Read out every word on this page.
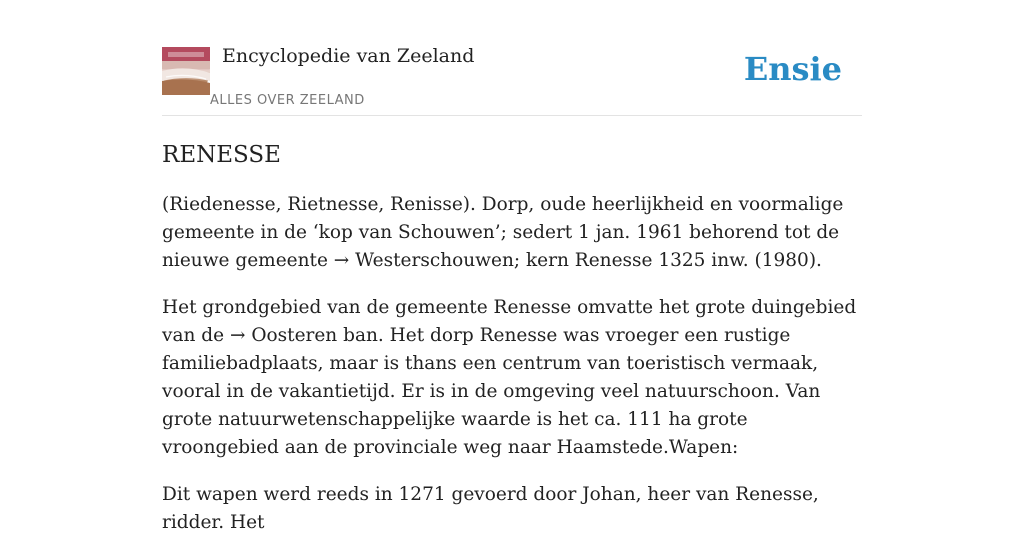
Encyclopedie van Zeeland
ALLES OVER ZEELAND
Ensie
RENESSE

(Riedenesse, Rietnesse, Renisse). Dorp, oude heerlijkheid en voormalige gemeente in de ‘kop van Schouwen’; sedert 1 jan. 1961 behorend tot de nieuwe gemeente → Westerschouwen; kern Renesse 1325 inw. (1980).

Het grondgebied van de gemeente Renesse omvatte het grote duingebied van de → Oosteren ban. Het dorp Renesse was vroeger een rustige familiebadplaats, maar is thans een centrum van toeristisch vermaak, vooral in de vakantietijd. Er is in de omgeving veel natuurschoon. Van grote natuurwetenschappelijke waarde is het ca. 111 ha grote vroongebied aan de provinciale weg naar Haamstede.Wapen:

Dit wapen werd reeds in 1271 gevoerd door Johan, heer van Renesse, ridder. Het
